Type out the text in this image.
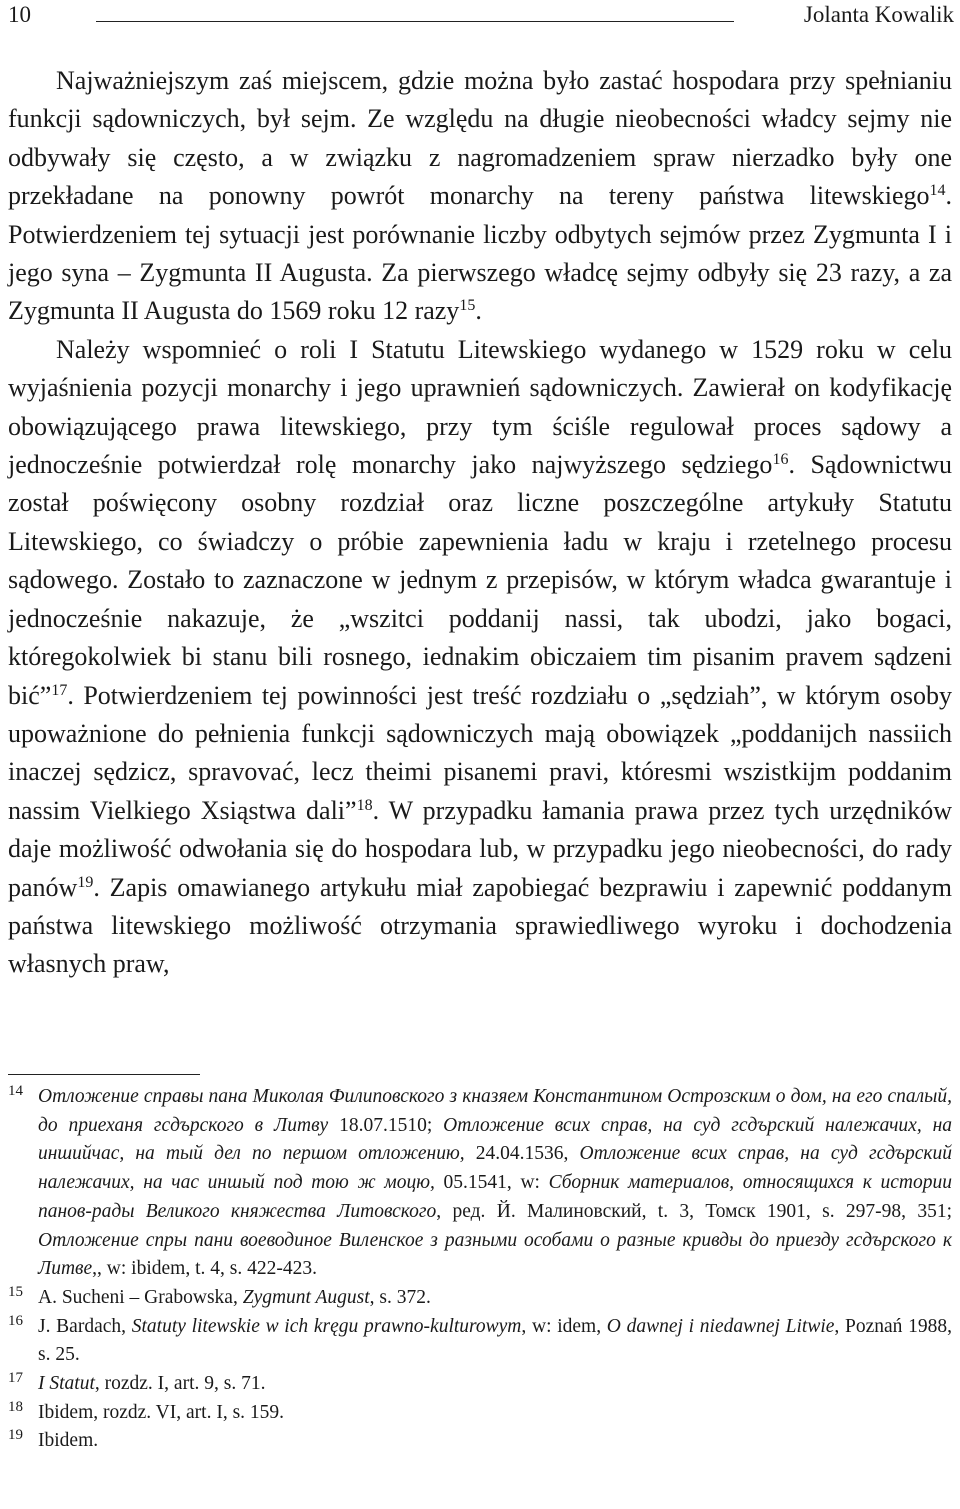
10	Jolanta Kowalik

Najważniejszym zaś miejscem, gdzie można było zastać hospodara przy spełnianiu funkcji sądowniczych, był sejm. Ze względu na długie nieobecności władcy sejmy nie odbywały się często, a w związku z nagromadzeniem spraw nierzadko były one przekładane na ponowny powrót monarchy na tereny państwa litewskiego$^{14}$. Potwierdzeniem tej sytuacji jest porównanie liczby odbytych sejmów przez Zygmunta I i jego syna – Zygmunta II Augusta. Za pierwszego władcę sejmy odbyły się 23 razy, a za Zygmunta II Augusta do 1569 roku 12 razy$^{15}$.

Należy wspomnieć o roli I Statutu Litewskiego wydanego w 1529 roku w celu wyjaśnienia pozycji monarchy i jego uprawnień sądowniczych. Zawierał on kodyfikację obowiązującego prawa litewskiego, przy tym ściśle regulował proces sądowy a jednocześnie potwierdzał rolę monarchy jako najwyższego sędziego$^{16}$. Sądownictwu został poświęcony osobny rozdział oraz liczne poszczególne artykuły Statutu Litewskiego, co świadczy o próbie zapewnienia ładu w kraju i rzetelnego procesu sądowego. Zostało to zaznaczone w jednym z przepisów, w którym władca gwarantuje i jednocześnie nakazuje, że „wszitci poddanij nassi, tak ubodzi, jako bogaci, któregokolwiek bi stanu bili rosnego, iednakim obiczaiem tim pisanim pravem sądzeni bić”$^{17}$. Potwierdzeniem tej powinności jest treść rozdziału o „sędziah”, w którym osoby upoważnione do pełnienia funkcji sądowniczych mają obowiązek „poddanijch nassiich inaczej sędzicz, spravovać, lecz theimi pisanemi pravi, któresmi wszistkijm poddanim nassim Vielkiego Xsiąstwa dali”$^{18}$. W przypadku łamania prawa przez tych urzędników daje możliwość odwołania się do hospodara lub, w przypadku jego nieobecności, do rady panów$^{19}$. Zapis omawianego artykułu miał zapobiegać bezprawiu i zapewnić poddanym państwa litewskiego możliwość otrzymania sprawiedliwego wyroku i dochodzenia własnych praw,

14 Отложение справы пана Миколая Филиповского з кназяем Константином Острозским о дом, на его спалый, до приеханя гсдърского в Литву 18.07.1510; Отложение всих справ, на суд гсдърский належачих, на иншийчас, на тый дел по першом отложению, 24.04.1536, Отложение всих справ, на суд гсдърский належачих, на час иншый под тою ж моцю, 05.1541, w: Сборник материалов, относящихся к истории панов-рады Великого княжества Литовского, ред. Й. Малиновский, t. 3, Томск 1901, s. 297-98, 351; Отложение спры пани воеводиное Виленское з разными особами о разные кривды до приезду гсдърского к Литве,, w: ibidem, t. 4, s. 422-423.
15 A. Sucheni – Grabowska, Zygmunt August, s. 372.
16 J. Bardach, Statuty litewskie w ich kręgu prawno-kulturowym, w: idem, O dawnej i niedawnej Litwie, Poznań 1988, s. 25.
17 I Statut, rozdz. I, art. 9, s. 71.
18 Ibidem, rozdz. VI, art. I, s. 159.
19 Ibidem.
